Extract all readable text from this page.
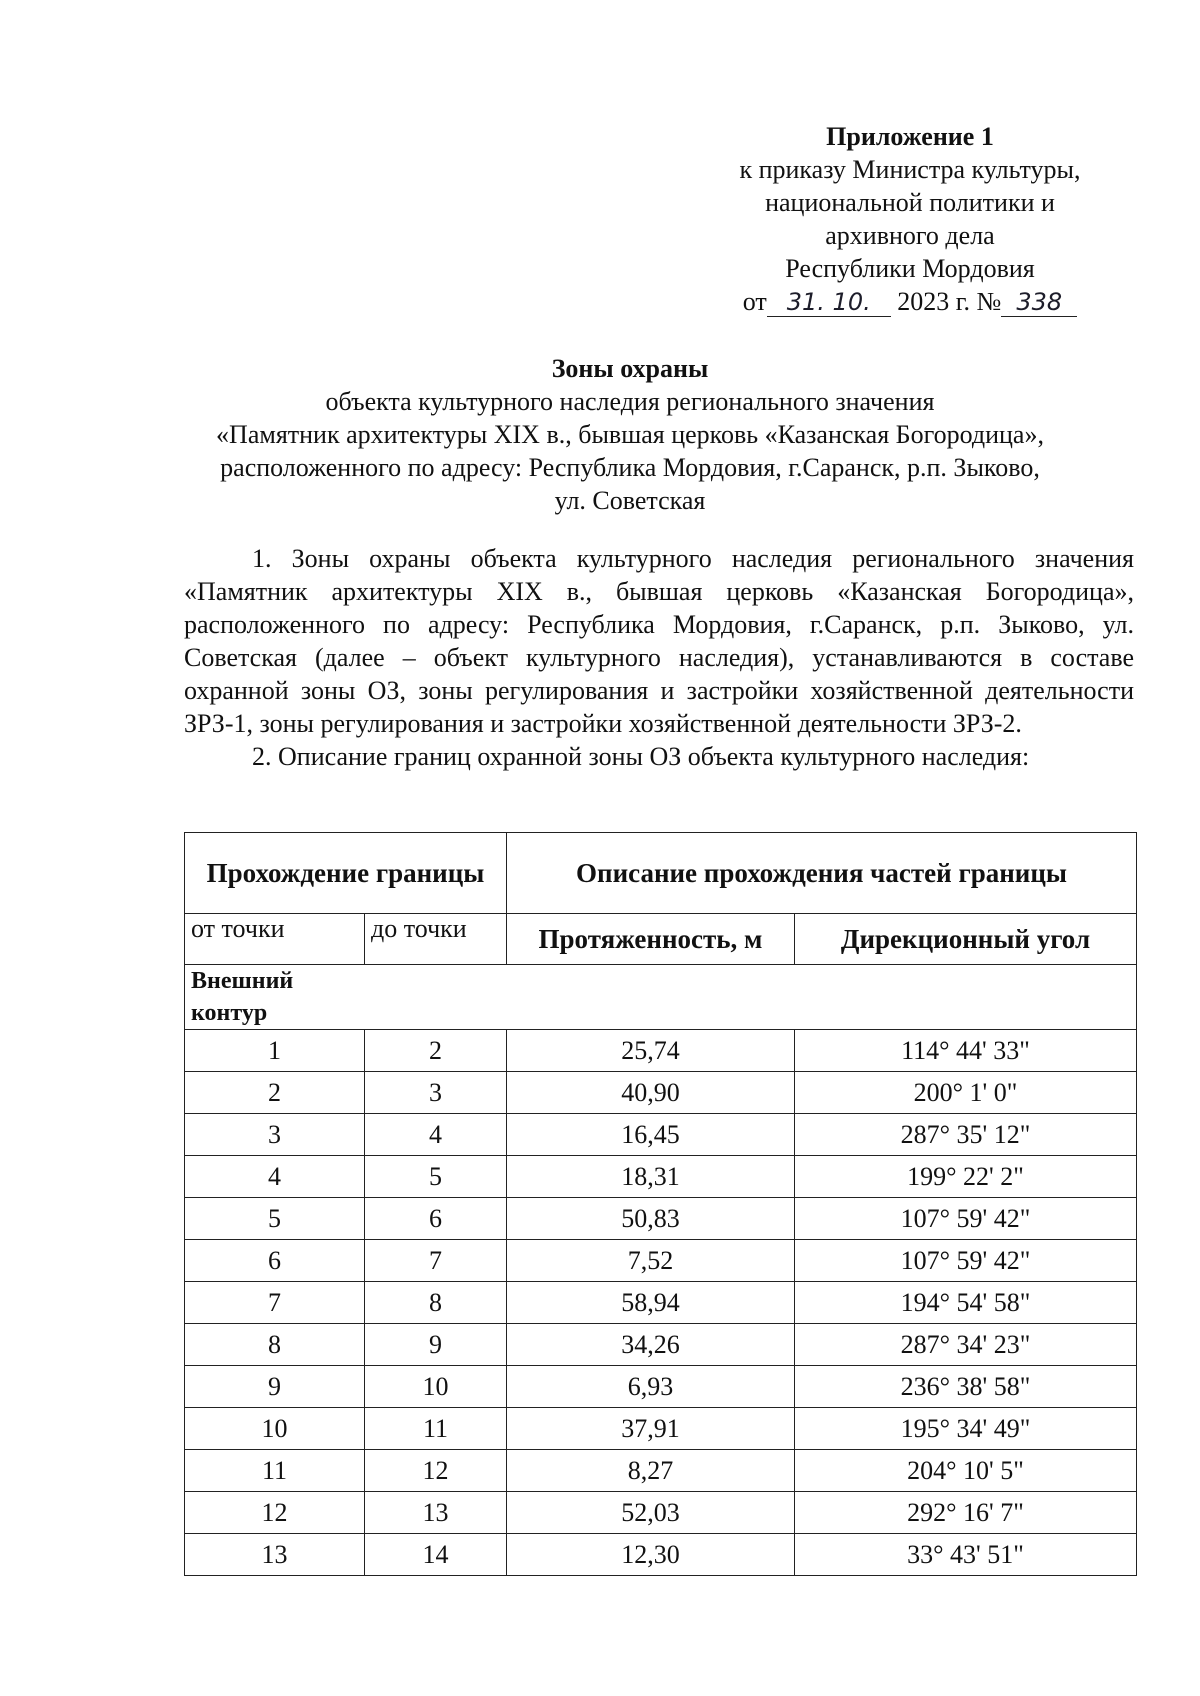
Приложение 1
к приказу Министра культуры,
национальной политики и
архивного дела
Республики Мордовия
от 31. 10. 2023 г. № 338
Зоны охраны
объекта культурного наследия регионального значения
«Памятник архитектуры XIX в., бывшая церковь «Казанская Богородица»,
расположенного по адресу: Республика Мордовия, г.Саранск, р.п. Зыково,
ул. Советская

1. Зоны охраны объекта культурного наследия регионального значения «Памятник архитектуры XIX в., бывшая церковь «Казанская Богородица», расположенного по адресу: Республика Мордовия, г.Саранск, р.п. Зыково, ул. Советская (далее – объект культурного наследия), устанавливаются в составе охранной зоны ОЗ, зоны регулирования и застройки хозяйственной деятельности ЗРЗ-1, зоны регулирования и застройки хозяйственной деятельности ЗРЗ-2.

2. Описание границ охранной зоны ОЗ объекта культурного наследия:

Прохождение границы		Описание прохождения частей границы	
от точки	до точки	Протяженность, м	Дирекционный угол

Внешний контур			

1	2	25,74	114° 44' 33"
2	3	40,90	200° 1' 0"
3	4	16,45	287° 35' 12"
4	5	18,31	199° 22' 2"
5	6	50,83	107° 59' 42"
6	7	7,52	107° 59' 42"
7	8	58,94	194° 54' 58"
8	9	34,26	287° 34' 23"
9	10	6,93	236° 38' 58"
10	11	37,91	195° 34' 49"
11	12	8,27	204° 10' 5"
12	13	52,03	292° 16' 7"
13	14	12,30	33° 43' 51"
